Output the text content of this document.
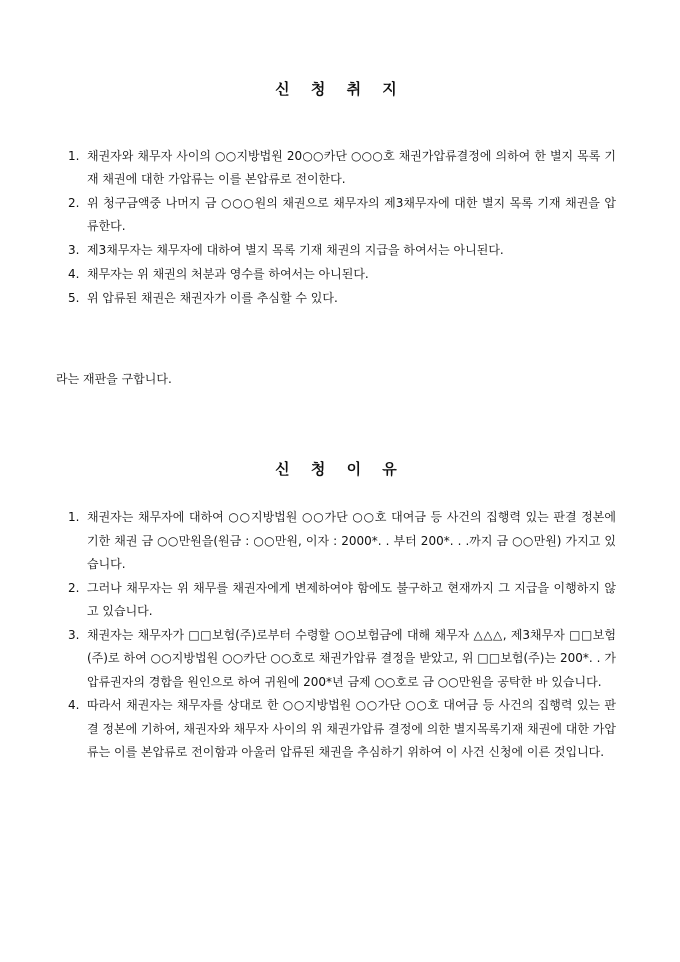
신 청 취 지
1. 채권자와 채무자 사이의 ○○지방법원 20○○카단 ○○○호 채권가압류결정에 의하여 한 별지 목록 기재 채권에 대한 가압류는 이를 본압류로 전이한다.
2. 위 청구금액중 나머지 금 ○○○원의 채권으로 채무자의 제3채무자에 대한 별지 목록 기재 채권을 압류한다.
3. 제3채무자는 채무자에 대하여 별지 목록 기재 채권의 지급을 하여서는 아니된다.
4. 채무자는 위 채권의 처분과 영수를 하여서는 아니된다.
5. 위 압류된 채권은 채권자가 이를 추심할 수 있다.
라는 재판을 구합니다.
신 청 이 유
1. 채권자는 채무자에 대하여 ○○지방법원 ○○가단 ○○호 대여금 등 사건의 집행력 있는 판결 정본에 기한 채권 금 ○○만원을(원금 : ○○만원, 이자 : 2000*. . 부터 200*. . .까지 금 ○○만원) 가지고 있습니다.
2. 그러나 채무자는 위 채무를 채권자에게 변제하여야 함에도 불구하고 현재까지 그 지급을 이행하지 않고 있습니다.
3. 채권자는 채무자가 □□보험(주)로부터 수령할 ○○보험금에 대해 채무자 △△△, 제3채무자 □□보험(주)로 하여 ○○지방법원 ○○카단 ○○호로 채권가압류 결정을 받았고, 위 □□보험(주)는 200*. . 가압류권자의 경합을 원인으로 하여 귀원에 200*년 금제 ○○호로 금 ○○만원을 공탁한 바 있습니다.
4. 따라서 채권자는 채무자를 상대로 한 ○○지방법원 ○○가단 ○○호 대여금 등 사건의 집행력 있는 판결 정본에 기하여, 채권자와 채무자 사이의 위 채권가압류 결정에 의한 별지목록기재 채권에 대한 가압류는 이를 본압류로 전이함과 아울러 압류된 채권을 추심하기 위하여 이 사건 신청에 이른 것입니다.
